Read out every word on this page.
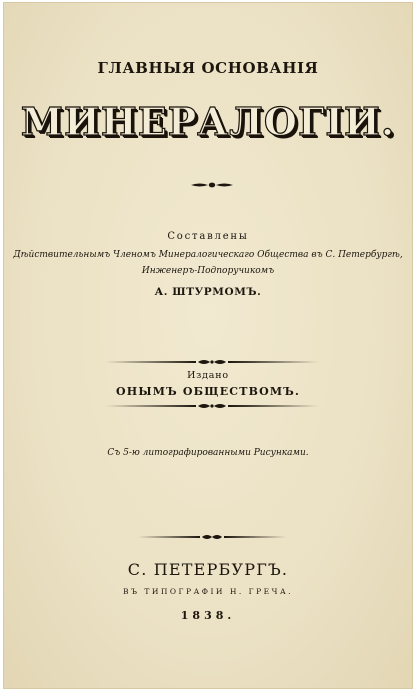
ГЛАВНЫЯ ОСНОВАНІЯ
МИНЕРАЛОГІИ.
Составлены
Дѣйствительнымъ Членомъ Минералогическаго Общества въ С. Петербургѣ,
Инженеръ-Подпоручикомъ
А. ШТУРМОМЪ.
Издано
ОНЫМЪ ОБЩЕСТВОМЪ.
Съ 5-ю литографированными Рисунками.
С. ПЕТЕРБУРГЪ.
ВЪ ТИПОГРАФІИ Н. ГРЕЧА.
1838.
